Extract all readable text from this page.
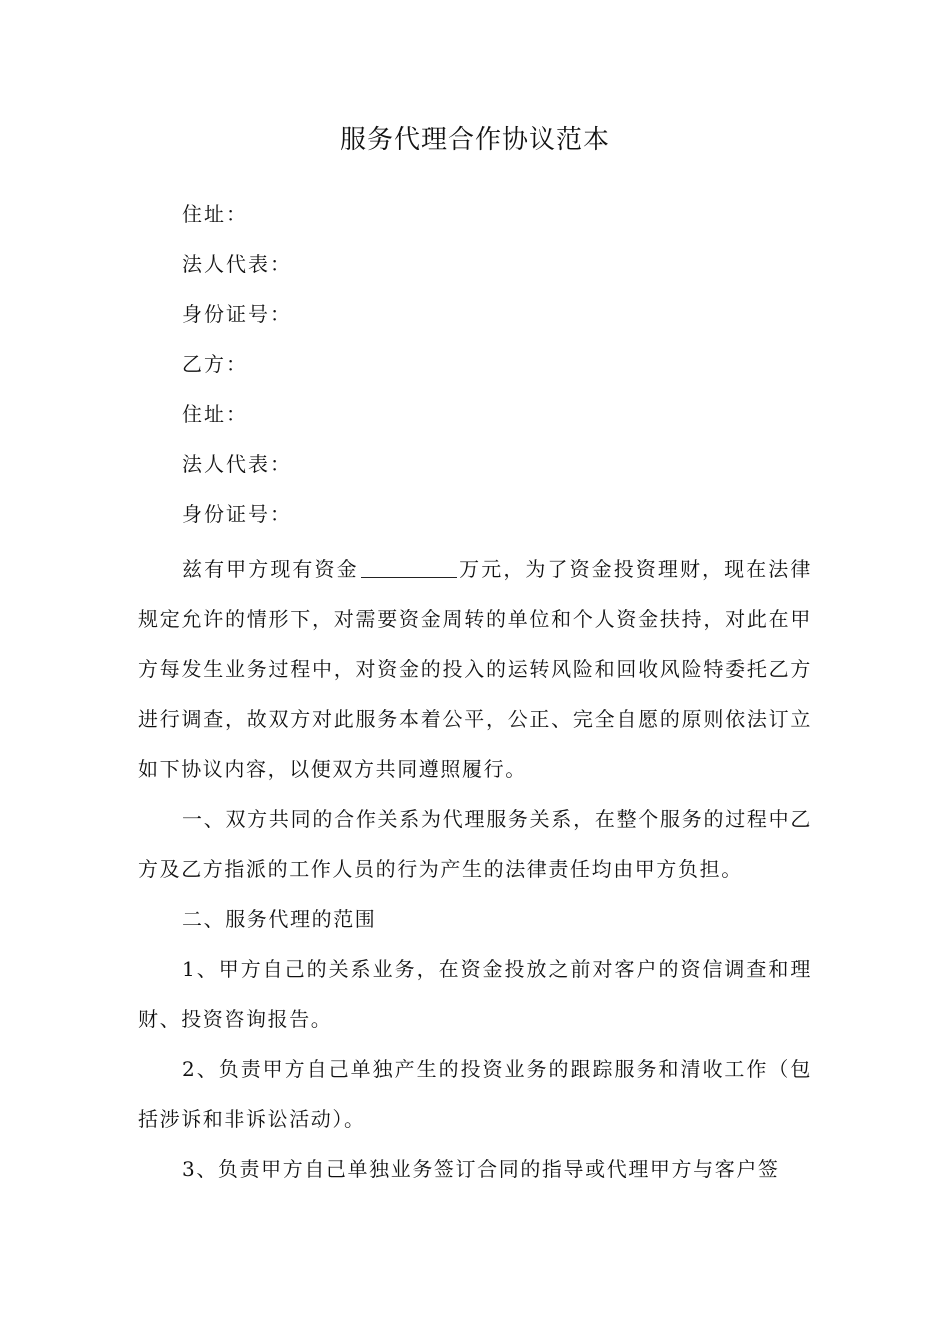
服务代理合作协议范本
住址：
法人代表：
身份证号：
乙方：
住址：
法人代表：
身份证号：

兹有甲方现有资金	万元，为了资金投资理财，现在法律规定允许的情形下，对需要资金周转的单位和个人资金扶持，对此在甲方每发生业务过程中，对资金的投入的运转风险和回收风险特委托乙方进行调查，故双方对此服务本着公平，公正、完全自愿的原则依法订立如下协议内容，以便双方共同遵照履行。

一、双方共同的合作关系为代理服务关系，在整个服务的过程中乙方及乙方指派的工作人员的行为产生的法律责任均由甲方负担。

二、服务代理的范围

1、甲方自己的关系业务，在资金投放之前对客户的资信调查和理财、投资咨询报告。

2、负责甲方自己单独产生的投资业务的跟踪服务和清收工作（包括涉诉和非诉讼活动）。

3、负责甲方自己单独业务签订合同的指导或代理甲方与客户签
